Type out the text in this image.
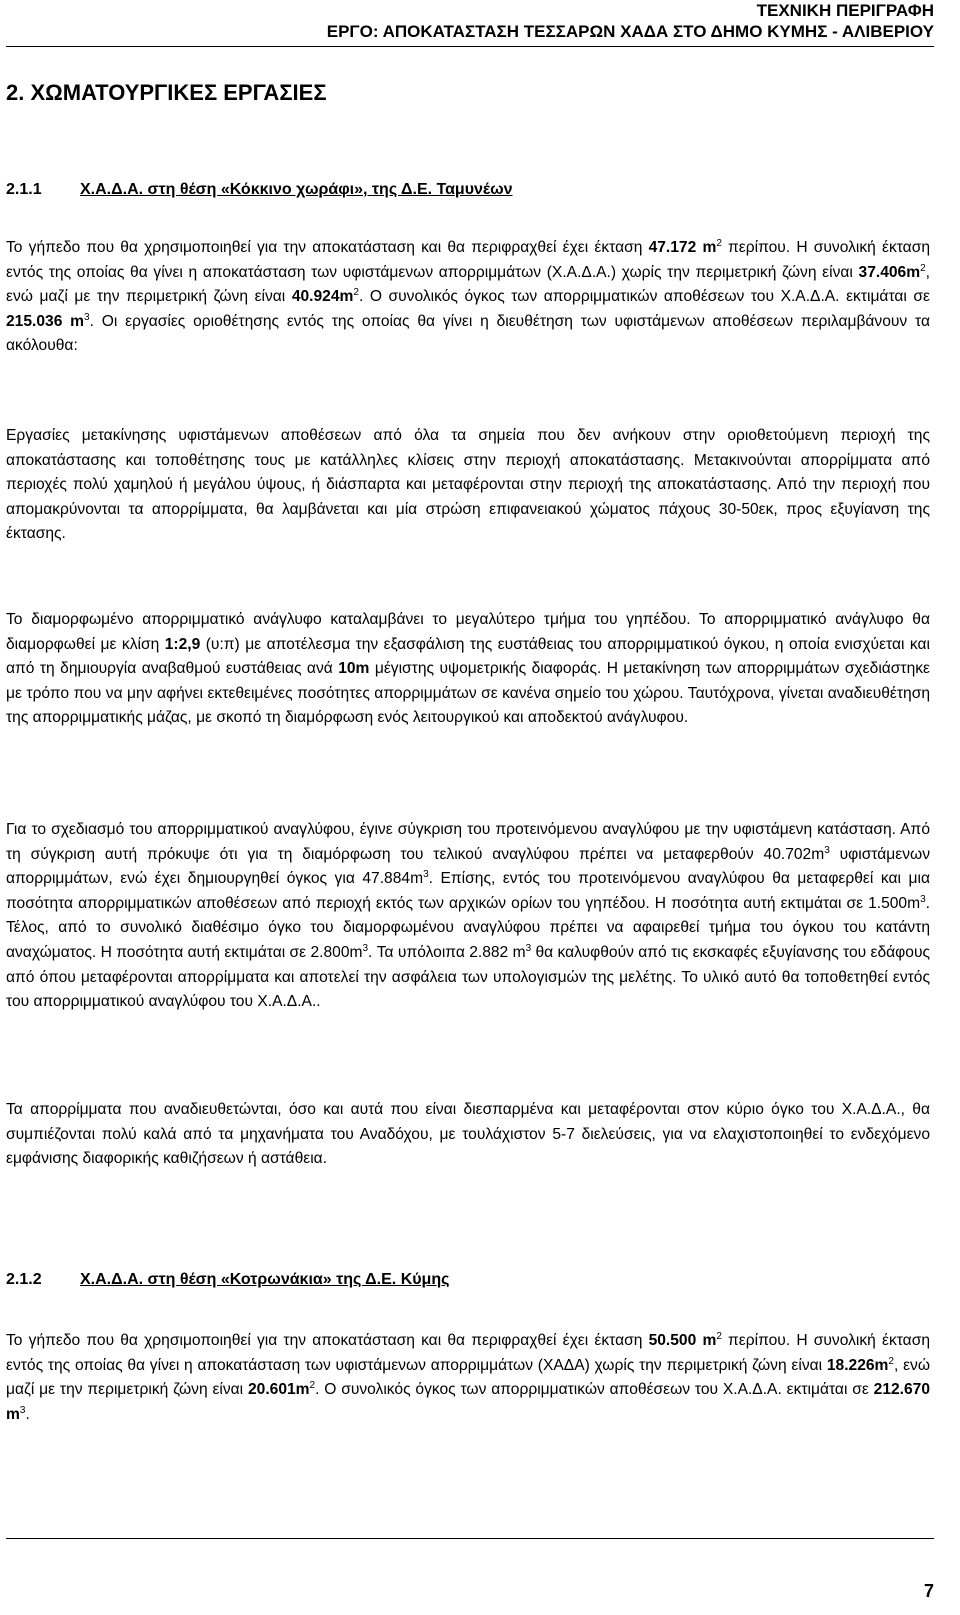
ΤΕΧΝΙΚΗ ΠΕΡΙΓΡΑΦΗ
ΕΡΓΟ: ΑΠΟΚΑΤΑΣΤΑΣΗ ΤΕΣΣΑΡΩΝ ΧΑΔΑ ΣΤΟ ΔΗΜΟ ΚΥΜΗΣ - ΑΛΙΒΕΡΙΟΥ
2. ΧΩΜΑΤΟΥΡΓΙΚΕΣ ΕΡΓΑΣΙΕΣ
2.1.1 Χ.Α.Δ.Α. στη θέση «Κόκκινο χωράφι», της Δ.Ε. Ταμυνέων

Το γήπεδο που θα χρησιμοποιηθεί για την αποκατάσταση και θα περιφραχθεί έχει έκταση 47.172 $m^2$ περίπου. Η συνολική έκταση εντός της οποίας θα γίνει η αποκατάσταση των υφιστάμενων απορριμμάτων (Χ.Α.Δ.Α.) χωρίς την περιμετρική ζώνη είναι $37.406m^2$, ενώ μαζί με την περιμετρική ζώνη είναι $40.924m^2$. Ο συνολικός όγκος των απορριμματικών αποθέσεων του Χ.Α.Δ.Α. εκτιμάται σε 215.036 $m^3$. Οι εργασίες οριοθέτησης εντός της οποίας θα γίνει η διευθέτηση των υφιστάμενων αποθέσεων περιλαμβάνουν τα ακόλουθα:

Εργασίες μετακίνησης υφιστάμενων αποθέσεων από όλα τα σημεία που δεν ανήκουν στην οριοθετούμενη περιοχή της αποκατάστασης και τοποθέτησης τους με κατάλληλες κλίσεις στην περιοχή αποκατάστασης. Μετακινούνται απορρίμματα από περιοχές πολύ χαμηλού ή μεγάλου ύψους, ή διάσπαρτα και μεταφέρονται στην περιοχή της αποκατάστασης. Από την περιοχή που απομακρύνονται τα απορρίμματα, θα λαμβάνεται και μία στρώση επιφανειακού χώματος πάχους 30-50εκ, προς εξυγίανση της έκτασης.

Το διαμορφωμένο απορριμματικό ανάγλυφο καταλαμβάνει το μεγαλύτερο τμήμα του γηπέδου. Το απορριμματικό ανάγλυφο θα διαμορφωθεί με κλίση 1:2,9 (υ:π) με αποτέλεσμα την εξασφάλιση της ευστάθειας του απορριμματικού όγκου, η οποία ενισχύεται και από τη δημιουργία αναβαθμού ευστάθειας ανά 10m μέγιστης υψομετρικής διαφοράς. Η μετακίνηση των απορριμμάτων σχεδιάστηκε με τρόπο που να μην αφήνει εκτεθειμένες ποσότητες απορριμμάτων σε κανένα σημείο του χώρου. Ταυτόχρονα, γίνεται αναδιευθέτηση της απορριμματικής μάζας, με σκοπό τη διαμόρφωση ενός λειτουργικού και αποδεκτού ανάγλυφου.

Για το σχεδιασμό του απορριμματικού αναγλύφου, έγινε σύγκριση του προτεινόμενου αναγλύφου με την υφιστάμενη κατάσταση. Από τη σύγκριση αυτή πρόκυψε ότι για τη διαμόρφωση του τελικού αναγλύφου πρέπει να μεταφερθούν $40.702m^3$ υφιστάμενων απορριμμάτων, ενώ έχει δημιουργηθεί όγκος για $47.884m^3$. Επίσης, εντός του προτεινόμενου αναγλύφου θα μεταφερθεί και μια ποσότητα απορριμματικών αποθέσεων από περιοχή εκτός των αρχικών ορίων του γηπέδου. Η ποσότητα αυτή εκτιμάται σε $1.500m^3$. Τέλος, από το συνολικό διαθέσιμο όγκο του διαμορφωμένου αναγλύφου πρέπει να αφαιρεθεί τμήμα του όγκου του κατάντη αναχώματος. Η ποσότητα αυτή εκτιμάται σε $2.800m^3$. Τα υπόλοιπα 2.882 $m^3$ θα καλυφθούν από τις εκσκαφές εξυγίανσης του εδάφους από όπου μεταφέρονται απορρίμματα και αποτελεί την ασφάλεια των υπολογισμών της μελέτης. Το υλικό αυτό θα τοποθετηθεί εντός του απορριμματικού αναγλύφου του Χ.Α.Δ.Α..

Τα απορρίμματα που αναδιευθετώνται, όσο και αυτά που είναι διεσπαρμένα και μεταφέρονται στον κύριο όγκο του Χ.Α.Δ.Α., θα συμπιέζονται πολύ καλά από τα μηχανήματα του Αναδόχου, με τουλάχιστον 5-7 διελεύσεις, για να ελαχιστοποιηθεί το ενδεχόμενο εμφάνισης διαφορικής καθιζήσεων ή αστάθεια.

2.1.2 Χ.Α.Δ.Α. στη θέση «Κοτρωνάκια» της Δ.Ε. Κύμης

Το γήπεδο που θα χρησιμοποιηθεί για την αποκατάσταση και θα περιφραχθεί έχει έκταση 50.500 $m^2$ περίπου. Η συνολική έκταση εντός της οποίας θα γίνει η αποκατάσταση των υφιστάμενων απορριμμάτων (ΧΑΔΑ) χωρίς την περιμετρική ζώνη είναι $18.226m^2$, ενώ μαζί με την περιμετρική ζώνη είναι $20.601m^2$. Ο συνολικός όγκος των απορριμματικών αποθέσεων του Χ.Α.Δ.Α. εκτιμάται σε 212.670 $m^3$.

7
